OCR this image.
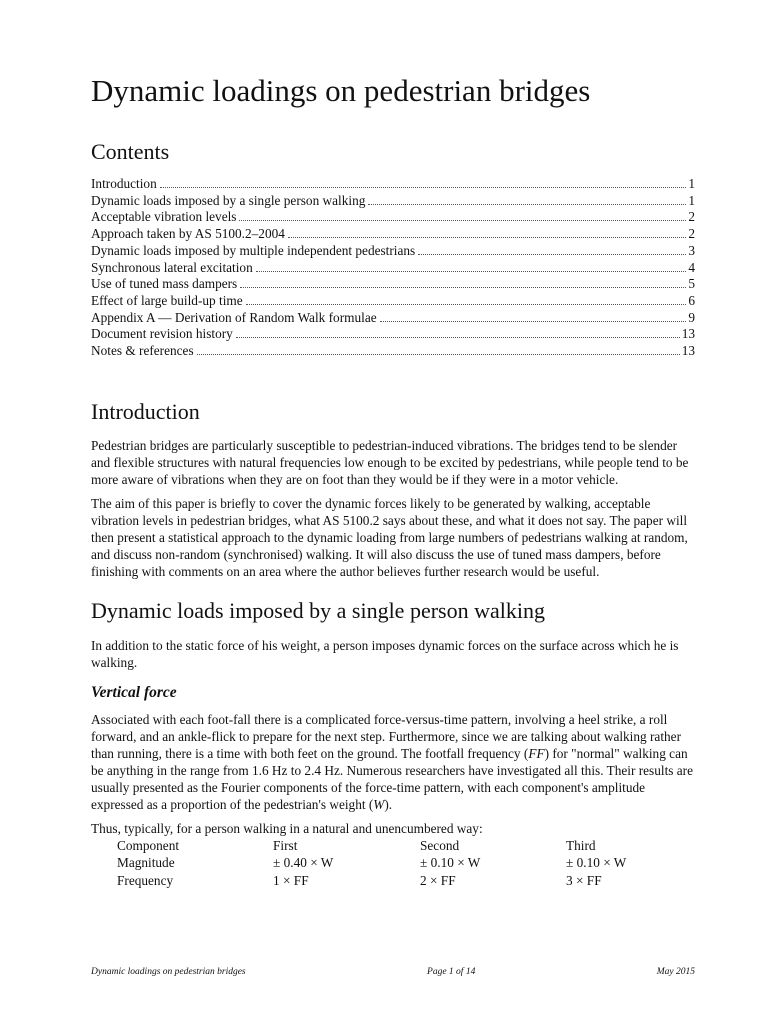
Dynamic loadings on pedestrian bridges
Contents
Introduction	1
Dynamic loads imposed by a single person walking	1
Acceptable vibration levels	2
Approach taken by AS 5100.2–2004	2
Dynamic loads imposed by multiple independent pedestrians	3
Synchronous lateral excitation	4
Use of tuned mass dampers	5
Effect of large build-up time	6
Appendix A — Derivation of Random Walk formulae	9
Document revision history	13
Notes & references	13
Introduction

Pedestrian bridges are particularly susceptible to pedestrian-induced vibrations. The bridges tend to be slender and flexible structures with natural frequencies low enough to be excited by pedestrians, while people tend to be more aware of vibrations when they are on foot than they would be if they were in a motor vehicle.

The aim of this paper is briefly to cover the dynamic forces likely to be generated by walking, acceptable vibration levels in pedestrian bridges, what AS 5100.2 says about these, and what it does not say. The paper will then present a statistical approach to the dynamic loading from large numbers of pedestrians walking at random, and discuss non-random (synchronised) walking. It will also discuss the use of tuned mass dampers, before finishing with comments on an area where the author believes further research would be useful.

Dynamic loads imposed by a single person walking

In addition to the static force of his weight, a person imposes dynamic forces on the surface across which he is walking.

Vertical force

Associated with each foot-fall there is a complicated force-versus-time pattern, involving a heel strike, a roll forward, and an ankle-flick to prepare for the next step. Furthermore, since we are talking about walking rather than running, there is a time with both feet on the ground. The footfall frequency (FF) for "normal" walking can be anything in the range from 1.6 Hz to 2.4 Hz. Numerous researchers have investigated all this. Their results are usually presented as the Fourier components of the force-time pattern, with each component's amplitude expressed as a proportion of the pedestrian's weight (W).

Thus, typically, for a person walking in a natural and unencumbered way:

Component	First	Second	Third
Magnitude	± 0.40 × W	± 0.10 × W	± 0.10 × W
Frequency	1 × FF	2 × FF	3 × FF
Dynamic loadings on pedestrian bridges	Page 1 of 14	May 2015
